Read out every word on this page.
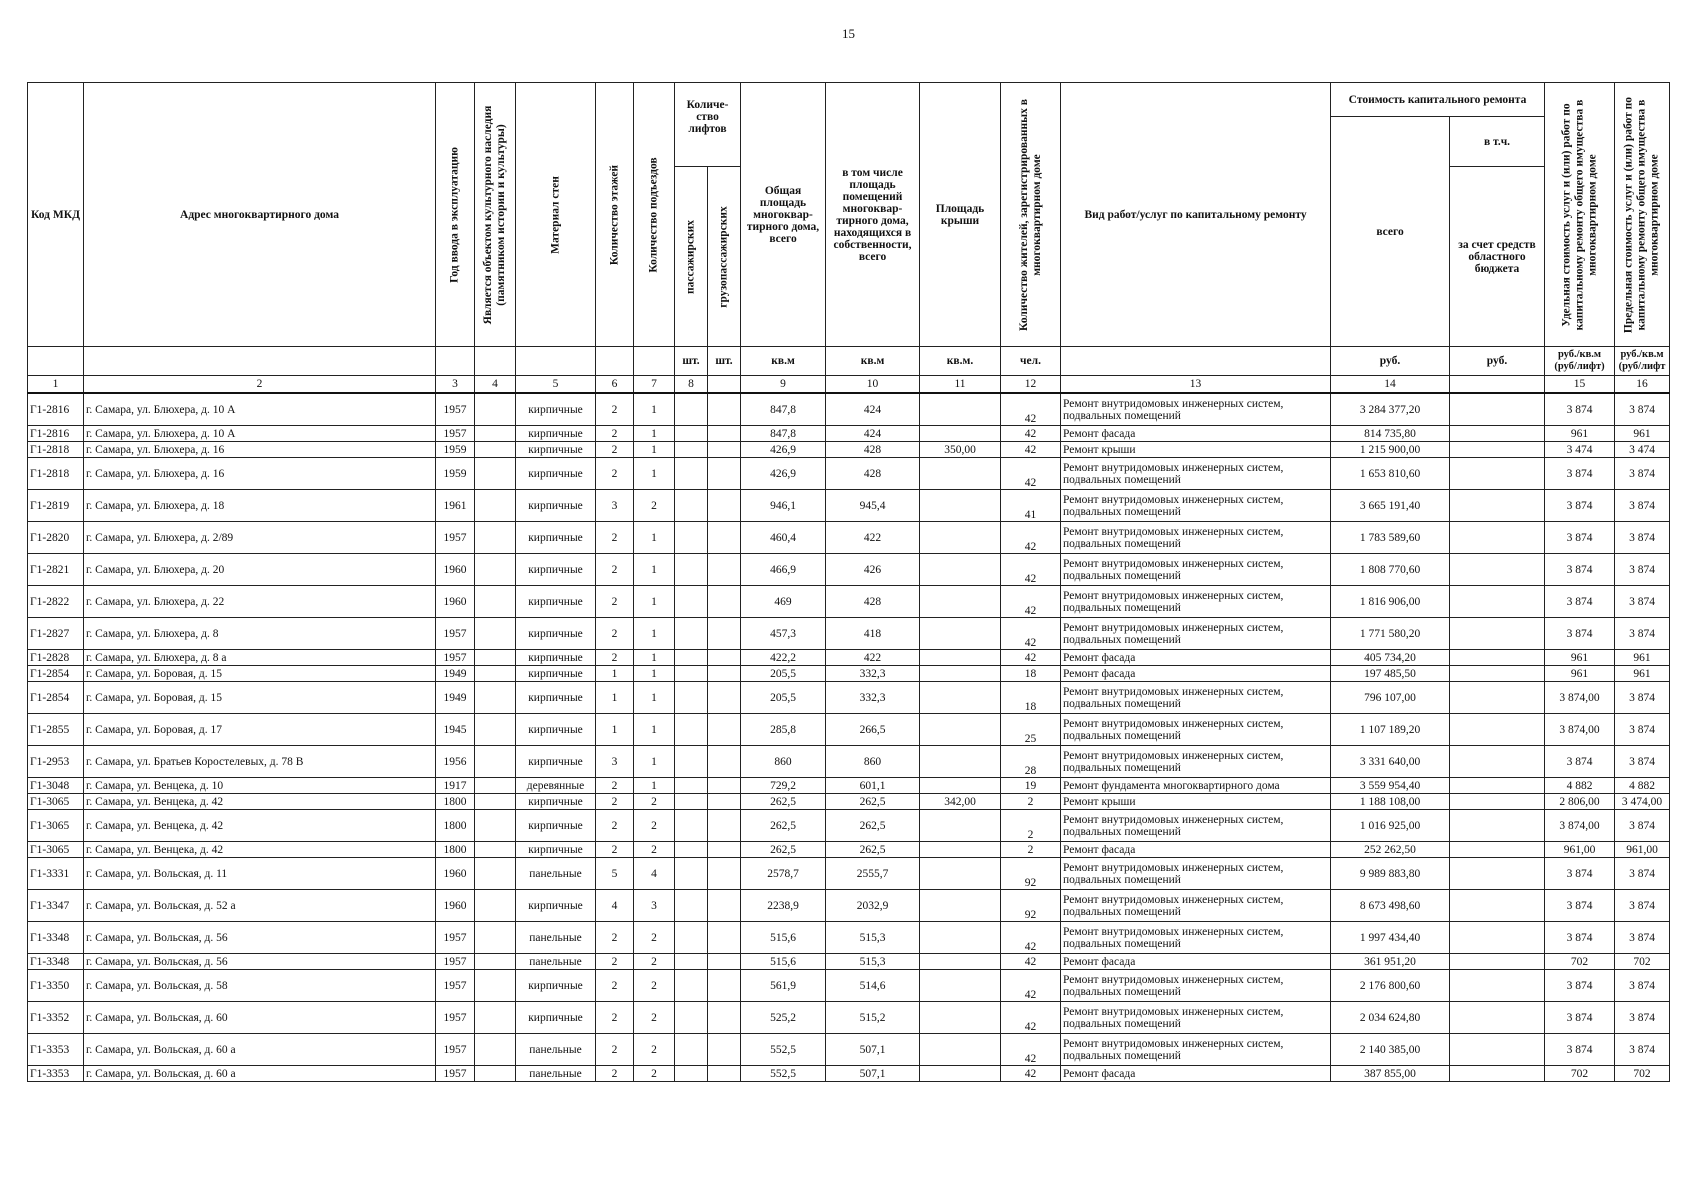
15
Код МКД	Адрес многоквартирного дома	Год ввода в эксплуатацию	Является объектом культурного наследия (памятником истории и культуры)	Материал стен	Количество этажей	Количество подъездов	Количе- ство лифтов		Общая площадь многоквар- тирного дома, всего	в том числе площадь помещений многоквар- тирного дома, находящихся в собственности, всего	Площадь крыши	Количество жителей, зарегистрированных в многоквартирном доме	Вид работ/услуг по капитальному ремонту	Стоимость капитального ремонта		Удельная стоимость услуг и (или) работ по капитальному ремонту общего имущества в многоквартирном доме	Предельная стоимость услуг и (или) работ по капитальному ремонту общего имущества в многоквартирном доме

														всего	в т.ч.		

							пассажирских	грузопассажирских							за счет средств областного бюджета		
							шт.	шт.	кв.м	кв.м	кв.м.	чел.		руб.	руб.	руб./кв.м (руб/лифт)	руб./кв.м (руб/лифт
1	2	3	4	5	6	7	8		9	10	11	12	13	14		15	16
Г1-2816	г. Самара, ул. Блюхера, д. 10 А	1957		кирпичные	2	1			847,8	424		42	Ремонт внутридомовых инженерных систем, подвальных помещений	3 284 377,20		3 874	3 874
Г1-2816	г. Самара, ул. Блюхера, д. 10 А	1957		кирпичные	2	1			847,8	424		42	Ремонт фасада	814 735,80		961	961
Г1-2818	г. Самара, ул. Блюхера, д. 16	1959		кирпичные	2	1			426,9	428	350,00	42	Ремонт крыши	1 215 900,00		3 474	3 474
Г1-2818	г. Самара, ул. Блюхера, д. 16	1959		кирпичные	2	1			426,9	428		42	Ремонт внутридомовых инженерных систем, подвальных помещений	1 653 810,60		3 874	3 874
Г1-2819	г. Самара, ул. Блюхера, д. 18	1961		кирпичные	3	2			946,1	945,4		41	Ремонт внутридомовых инженерных систем, подвальных помещений	3 665 191,40		3 874	3 874
Г1-2820	г. Самара, ул. Блюхера, д. 2/89	1957		кирпичные	2	1			460,4	422		42	Ремонт внутридомовых инженерных систем, подвальных помещений	1 783 589,60		3 874	3 874
Г1-2821	г. Самара, ул. Блюхера, д. 20	1960		кирпичные	2	1			466,9	426		42	Ремонт внутридомовых инженерных систем, подвальных помещений	1 808 770,60		3 874	3 874
Г1-2822	г. Самара, ул. Блюхера, д. 22	1960		кирпичные	2	1			469	428		42	Ремонт внутридомовых инженерных систем, подвальных помещений	1 816 906,00		3 874	3 874
Г1-2827	г. Самара, ул. Блюхера, д. 8	1957		кирпичные	2	1			457,3	418		42	Ремонт внутридомовых инженерных систем, подвальных помещений	1 771 580,20		3 874	3 874
Г1-2828	г. Самара, ул. Блюхера, д. 8 а	1957		кирпичные	2	1			422,2	422		42	Ремонт фасада	405 734,20		961	961
Г1-2854	г. Самара, ул. Боровая, д. 15	1949		кирпичные	1	1			205,5	332,3		18	Ремонт фасада	197 485,50		961	961
Г1-2854	г. Самара, ул. Боровая, д. 15	1949		кирпичные	1	1			205,5	332,3		18	Ремонт внутридомовых инженерных систем, подвальных помещений	796 107,00		3 874,00	3 874
Г1-2855	г. Самара, ул. Боровая, д. 17	1945		кирпичные	1	1			285,8	266,5		25	Ремонт внутридомовых инженерных систем, подвальных помещений	1 107 189,20		3 874,00	3 874
Г1-2953	г. Самара, ул. Братьев Коростелевых, д. 78 В	1956		кирпичные	3	1			860	860		28	Ремонт внутридомовых инженерных систем, подвальных помещений	3 331 640,00		3 874	3 874
Г1-3048	г. Самара, ул. Венцека, д. 10	1917		деревянные	2	1			729,2	601,1		19	Ремонт фундамента многоквартирного дома	3 559 954,40		4 882	4 882
Г1-3065	г. Самара, ул. Венцека, д. 42	1800		кирпичные	2	2			262,5	262,5	342,00	2	Ремонт крыши	1 188 108,00		2 806,00	3 474,00
Г1-3065	г. Самара, ул. Венцека, д. 42	1800		кирпичные	2	2			262,5	262,5		2	Ремонт внутридомовых инженерных систем, подвальных помещений	1 016 925,00		3 874,00	3 874
Г1-3065	г. Самара, ул. Венцека, д. 42	1800		кирпичные	2	2			262,5	262,5		2	Ремонт фасада	252 262,50		961,00	961,00
Г1-3331	г. Самара, ул. Вольская, д. 11	1960		панельные	5	4			2578,7	2555,7		92	Ремонт внутридомовых инженерных систем, подвальных помещений	9 989 883,80		3 874	3 874
Г1-3347	г. Самара, ул. Вольская, д. 52 а	1960		кирпичные	4	3			2238,9	2032,9		92	Ремонт внутридомовых инженерных систем, подвальных помещений	8 673 498,60		3 874	3 874
Г1-3348	г. Самара, ул. Вольская, д. 56	1957		панельные	2	2			515,6	515,3		42	Ремонт внутридомовых инженерных систем, подвальных помещений	1 997 434,40		3 874	3 874
Г1-3348	г. Самара, ул. Вольская, д. 56	1957		панельные	2	2			515,6	515,3		42	Ремонт фасада	361 951,20		702	702
Г1-3350	г. Самара, ул. Вольская, д. 58	1957		кирпичные	2	2			561,9	514,6		42	Ремонт внутридомовых инженерных систем, подвальных помещений	2 176 800,60		3 874	3 874
Г1-3352	г. Самара, ул. Вольская, д. 60	1957		кирпичные	2	2			525,2	515,2		42	Ремонт внутридомовых инженерных систем, подвальных помещений	2 034 624,80		3 874	3 874
Г1-3353	г. Самара, ул. Вольская, д. 60 а	1957		панельные	2	2			552,5	507,1		42	Ремонт внутридомовых инженерных систем, подвальных помещений	2 140 385,00		3 874	3 874
Г1-3353	г. Самара, ул. Вольская, д. 60 а	1957		панельные	2	2			552,5	507,1		42	Ремонт фасада	387 855,00		702	702
